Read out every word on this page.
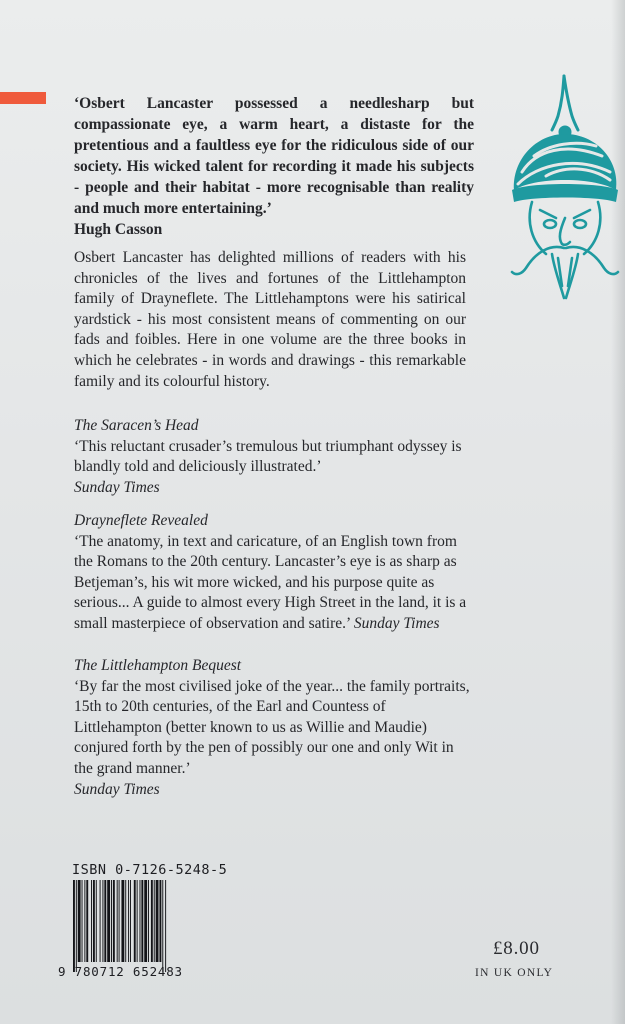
‘Osbert Lancaster possessed a needlesharp but compassionate eye, a warm heart, a distaste for the pretentious and a faultless eye for the ridiculous side of our society. His wicked talent for recording it made his subjects - people and their habitat - more recognisable than reality and much more entertaining.’

Hugh Casson

Osbert Lancaster has delighted millions of readers with his chronicles of the lives and fortunes of the Littlehampton family of Drayneflete. The Littlehamptons were his satirical yardstick - his most consistent means of commenting on our fads and foibles. Here in one volume are the three books in which he celebrates - in words and drawings - this remarkable family and its colourful history.

The Saracen’s Head

‘This reluctant crusader’s tremulous but triumphant odyssey is blandly told and deliciously illustrated.’
Sunday Times

Drayneflete Revealed

‘The anatomy, in text and caricature, of an English town from the Romans to the 20th century. Lancaster’s eye is as sharp as Betjeman’s, his wit more wicked, and his purpose quite as serious... A guide to almost every High Street in the land, it is a small masterpiece of observation and satire.’ Sunday Times

The Littlehampton Bequest

‘By far the most civilised joke of the year... the family portraits, 15th to 20th centuries, of the Earl and Countess of Littlehampton (better known to us as Willie and Maudie) conjured forth by the pen of possibly our one and only Wit in the grand manner.’
Sunday Times

ISBN 0-7126-5248-5
9 780712 652483
£8.00
IN UK ONLY
